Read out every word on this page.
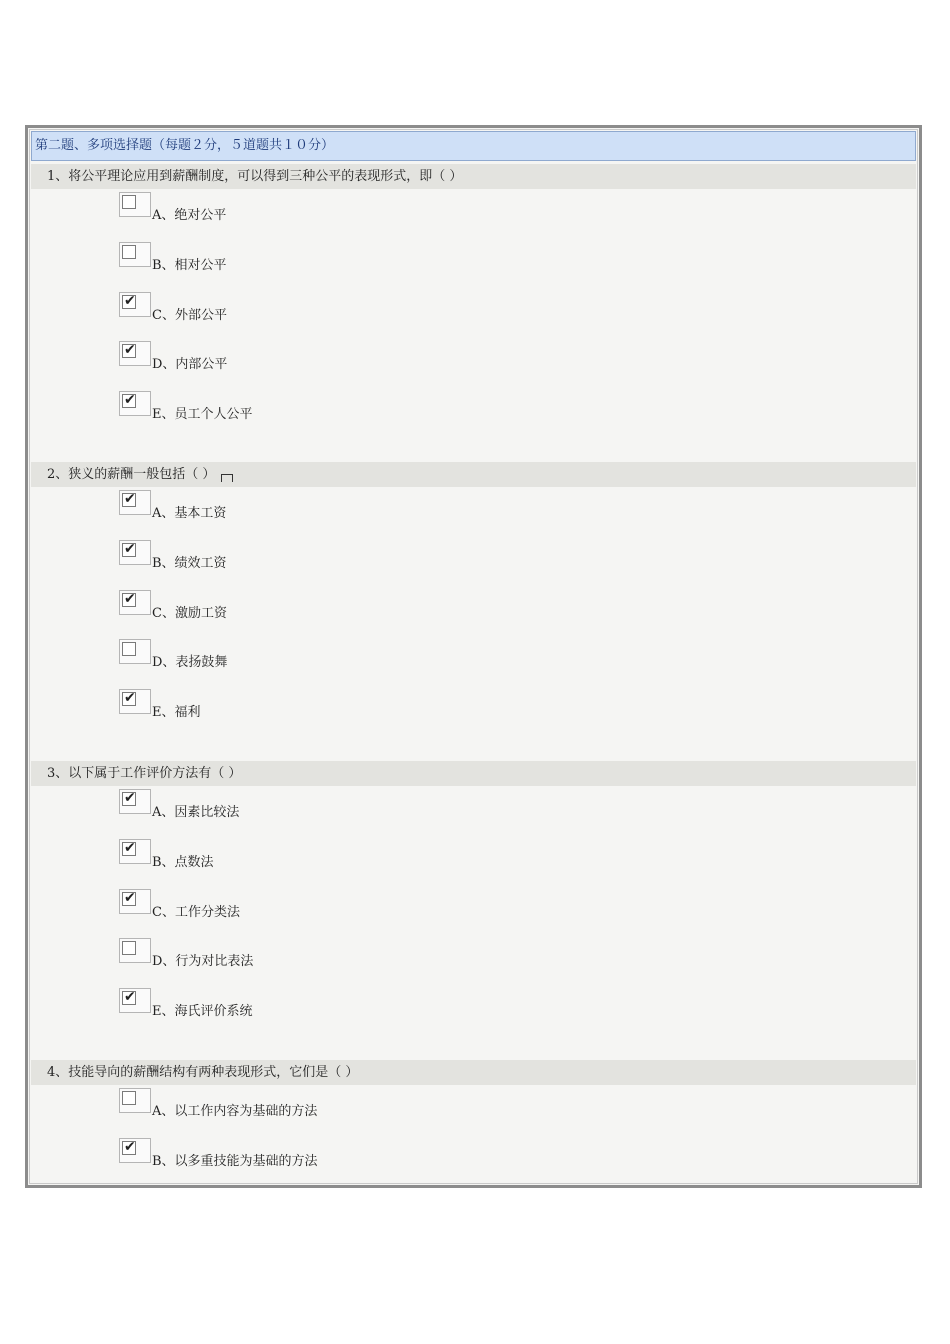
第二题、多项选择题（每题２分，５道题共１０分）
1、将公平理论应用到薪酬制度，可以得到三种公平的表现形式，即（ ）
A、绝对公平
B、相对公平
✔
C、外部公平
✔
D、内部公平
✔
E、员工个人公平
2、狭义的薪酬一般包括（ ）
✔
A、基本工资
✔
B、绩效工资
✔
C、激励工资
D、表扬鼓舞
✔
E、福利
3、以下属于工作评价方法有（ ）
✔
A、因素比较法
✔
B、点数法
✔
C、工作分类法
D、行为对比表法
✔
E、海氏评价系统
4、技能导向的薪酬结构有两种表现形式，它们是（ ）
A、以工作内容为基础的方法
✔
B、以多重技能为基础的方法
